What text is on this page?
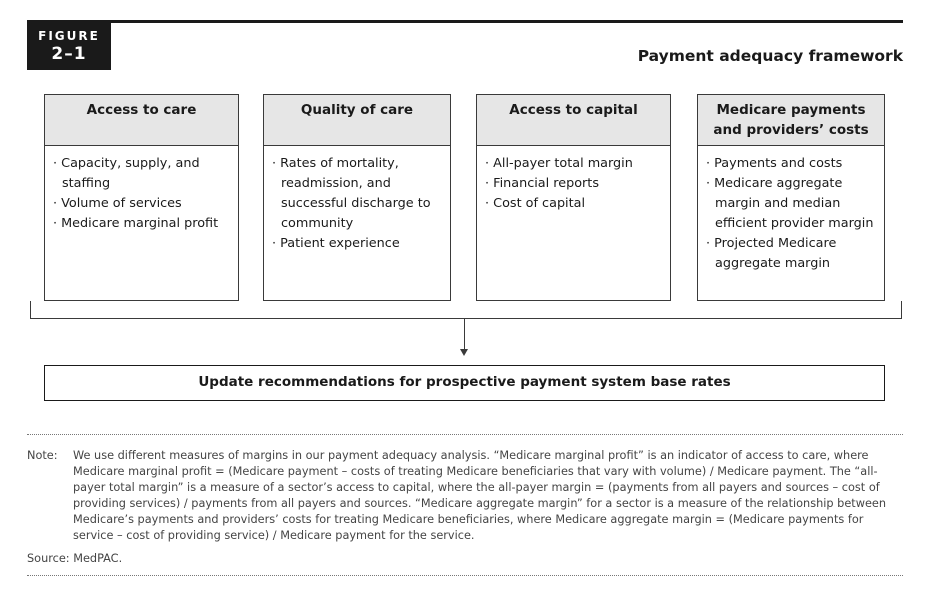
FIGURE
2–1	Payment adequacy framework
Access to care
· Capacity, supply, and staffing
· Volume of services
· Medicare marginal profit
Quality of care
· Rates of mortality, readmission, and successful discharge to community
· Patient experience
Access to capital
· All-payer total margin
· Financial reports
· Cost of capital
Medicare payments and providers’ costs
· Payments and costs
· Medicare aggregate margin and median efficient provider margin
· Projected Medicare aggregate margin
Update recommendations for prospective payment system base rates
Note: We use different measures of margins in our payment adequacy analysis. “Medicare marginal profit” is an indicator of access to care, where Medicare marginal profit = (Medicare payment – costs of treating Medicare beneficiaries that vary with volume) / Medicare payment. The “all-payer total margin” is a measure of a sector’s access to capital, where the all-payer margin = (payments from all payers and sources – cost of providing services) / payments from all payers and sources. “Medicare aggregate margin” for a sector is a measure of the relationship between Medicare’s payments and providers’ costs for treating Medicare beneficiaries, where Medicare aggregate margin = (Medicare payments for service – cost of providing service) / Medicare payment for the service.
Source: MedPAC.
